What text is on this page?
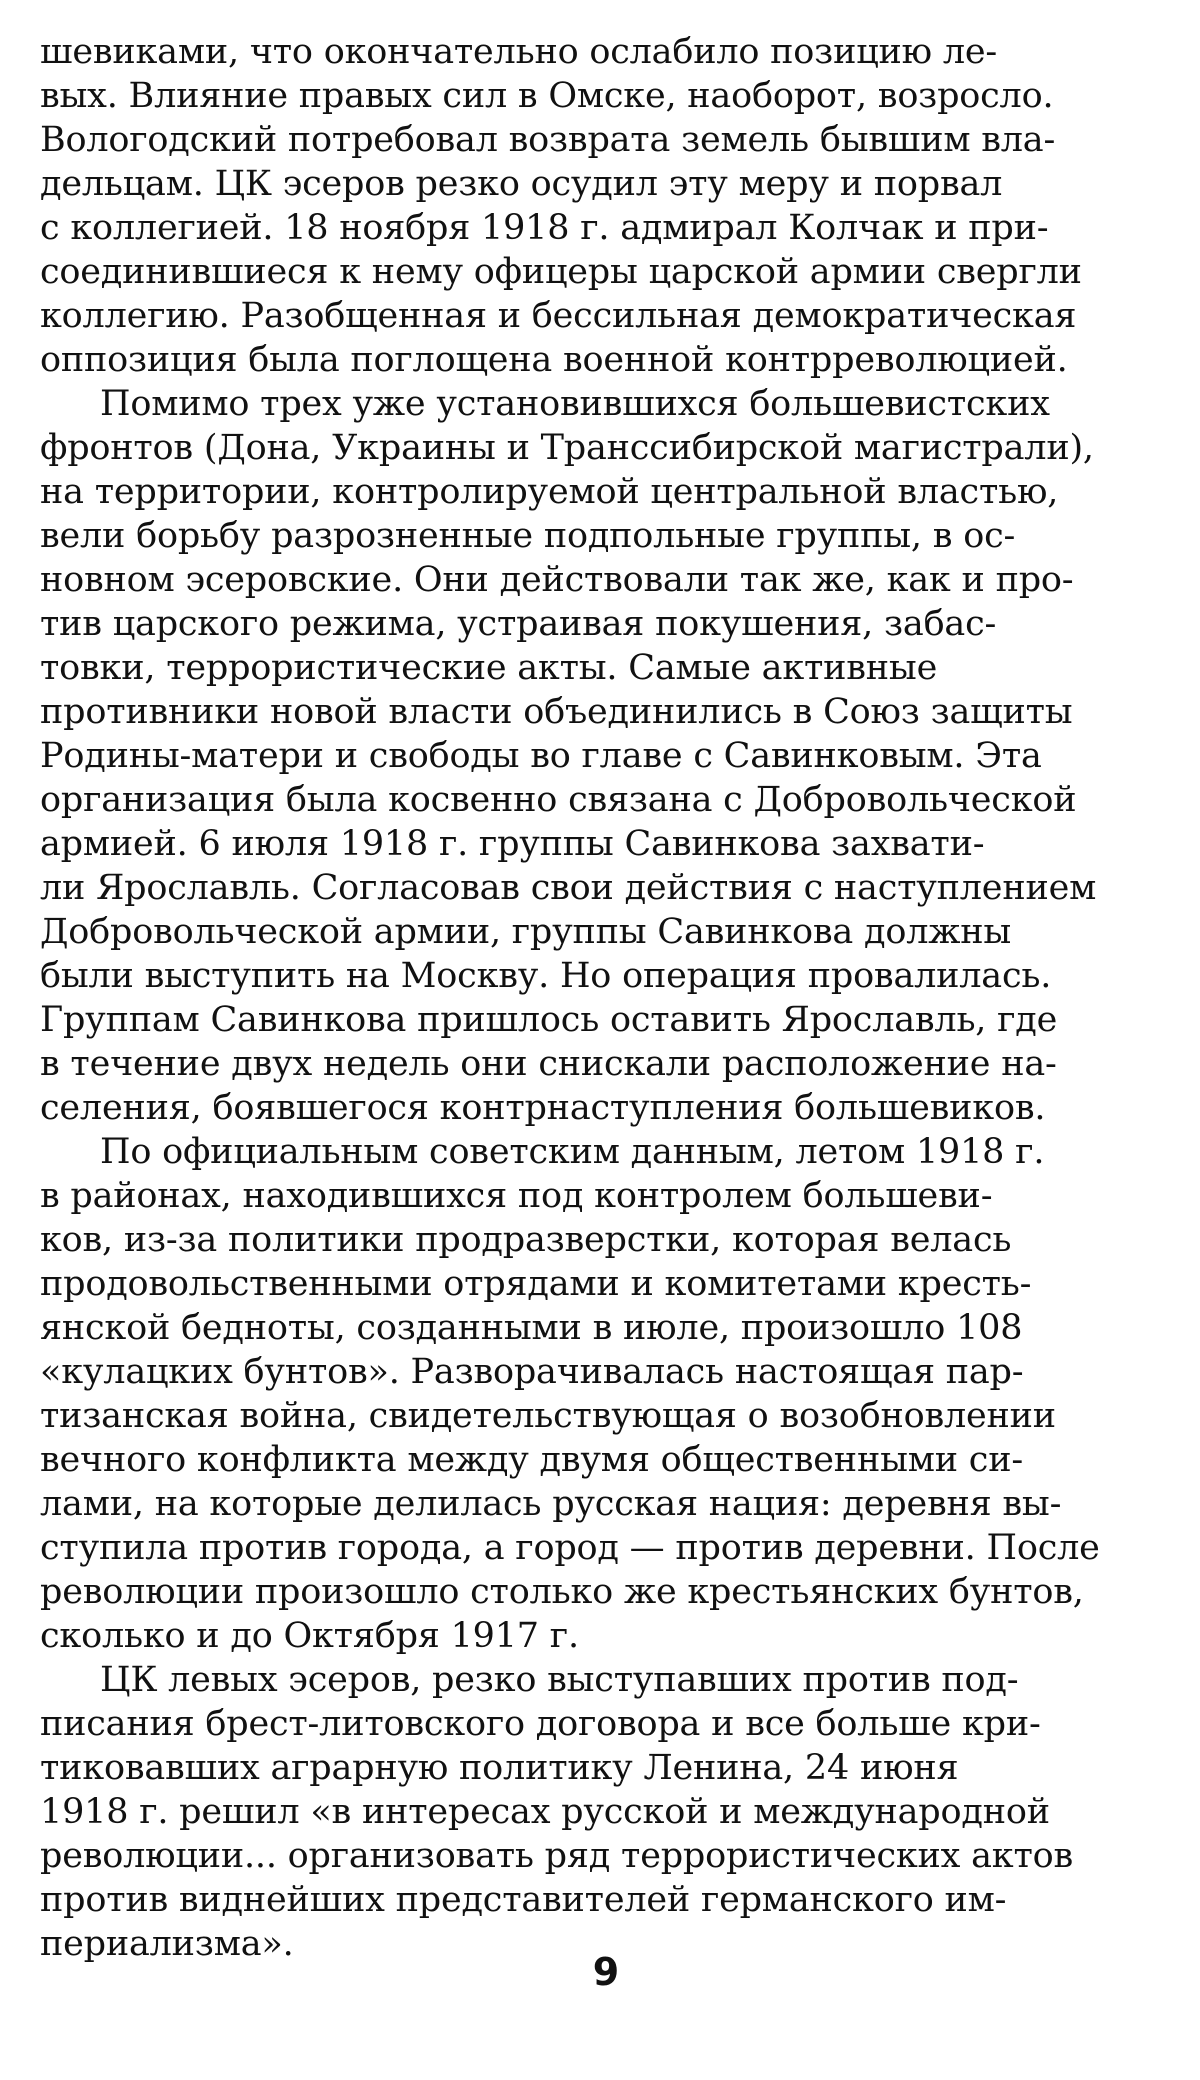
шевиками, что окончательно ослабило позицию ле-
вых. Влияние правых сил в Омске, наоборот, возросло.
Вологодский потребовал возврата земель бывшим вла-
дельцам. ЦК эсеров резко осудил эту меру и порвал
с коллегией. 18 ноября 1918 г. адмирал Колчак и при-
соединившиеся к нему офицеры царской армии свергли
коллегию. Разобщенная и бессильная демократическая
оппозиция была поглощена военной контрреволюцией.
Помимо трех уже установившихся большевистских
фронтов (Дона, Украины и Транссибирской магистрали),
на территории, контролируемой центральной властью,
вели борьбу разрозненные подпольные группы, в ос-
новном эсеровские. Они действовали так же, как и про-
тив царского режима, устраивая покушения, забас-
товки, террористические акты. Самые активные
противники новой власти объединились в Союз защиты
Родины-матери и свободы во главе с Савинковым. Эта
организация была косвенно связана с Добровольческой
армией. 6 июля 1918 г. группы Савинкова захвати-
ли Ярославль. Согласовав свои действия с наступлением
Добровольческой армии, группы Савинкова должны
были выступить на Москву. Но операция провалилась.
Группам Савинкова пришлось оставить Ярославль, где
в течение двух недель они снискали расположение на-
селения, боявшегося контрнаступления большевиков.
По официальным советским данным, летом 1918 г.
в районах, находившихся под контролем большеви-
ков, из-за политики продразверстки, которая велась
продовольственными отрядами и комитетами кресть-
янской бедноты, созданными в июле, произошло 108
«кулацких бунтов». Разворачивалась настоящая пар-
тизанская война, свидетельствующая о возобновлении
вечного конфликта между двумя общественными си-
лами, на которые делилась русская нация: деревня вы-
ступила против города, а город — против деревни. После
революции произошло столько же крестьянских бунтов,
сколько и до Октября 1917 г.
ЦК левых эсеров, резко выступавших против под-
писания брест-литовского договора и все больше кри-
тиковавших аграрную политику Ленина, 24 июня
1918 г. решил «в интересах русской и международной
революции... организовать ряд террористических актов
против виднейших представителей германского им-
периализма».
9
